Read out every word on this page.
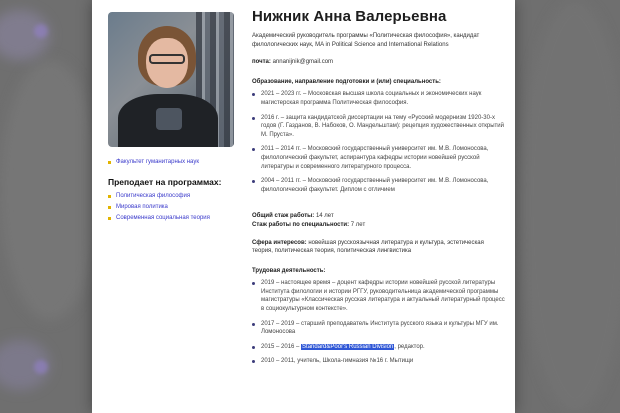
Факультет гуманитарных наук
Преподает на программах:
Политическая философия
Мировая политика
Современная социальная теория
Нижник Анна Валерьевна
Академический руководитель программы «Политическая философия», кандидат филологических наук, MA in Political Science and International Relations
почта: annanijnik@gmail.com
Образование, направление подготовки и (или) специальность:
2021 – 2023 гг. – Московская высшая школа социальных и экономических наук магистерская программа Политическая философия.
2016 г. – защита кандидатской диссертации на тему «Русский модернизм 1920-30-х годов (Г. Газданов, В. Набоков, О. Мандельштам): рецепция художественных открытий М. Пруста».
2011 – 2014 гг. – Московский государственный университет им. М.В. Ломоносова, филологический факультет, аспирантура кафедры истории новейшей русской литературы и современного литературного процесса.
2004 – 2011 гг. – Московский государственный университет им. М.В. Ломоносова, филологический факультет. Диплом с отличием
Общий стаж работы: 14 лет
Стаж работы по специальности: 7 лет
Сфера интересов: новейшая русскоязычная литература и культура, эстетическая теория, политическая теория, политическая лингвистика
Трудовая деятельность:
2019 – настоящее время – доцент кафедры истории новейшей русской литературы Института филологии и истории РГГУ, руководительница академической программы магистратуры «Классическая русская литература и актуальный литературный процесс в социокультурном контексте».
2017 – 2019 – старший преподаватель Института русского языка и культуры МГУ им. Ломоносова
2015 – 2016 – Standard&Poor's Russian Division, редактор.
2010 – 2011, учитель, Школа-гимназия №16 г. Мытищи
